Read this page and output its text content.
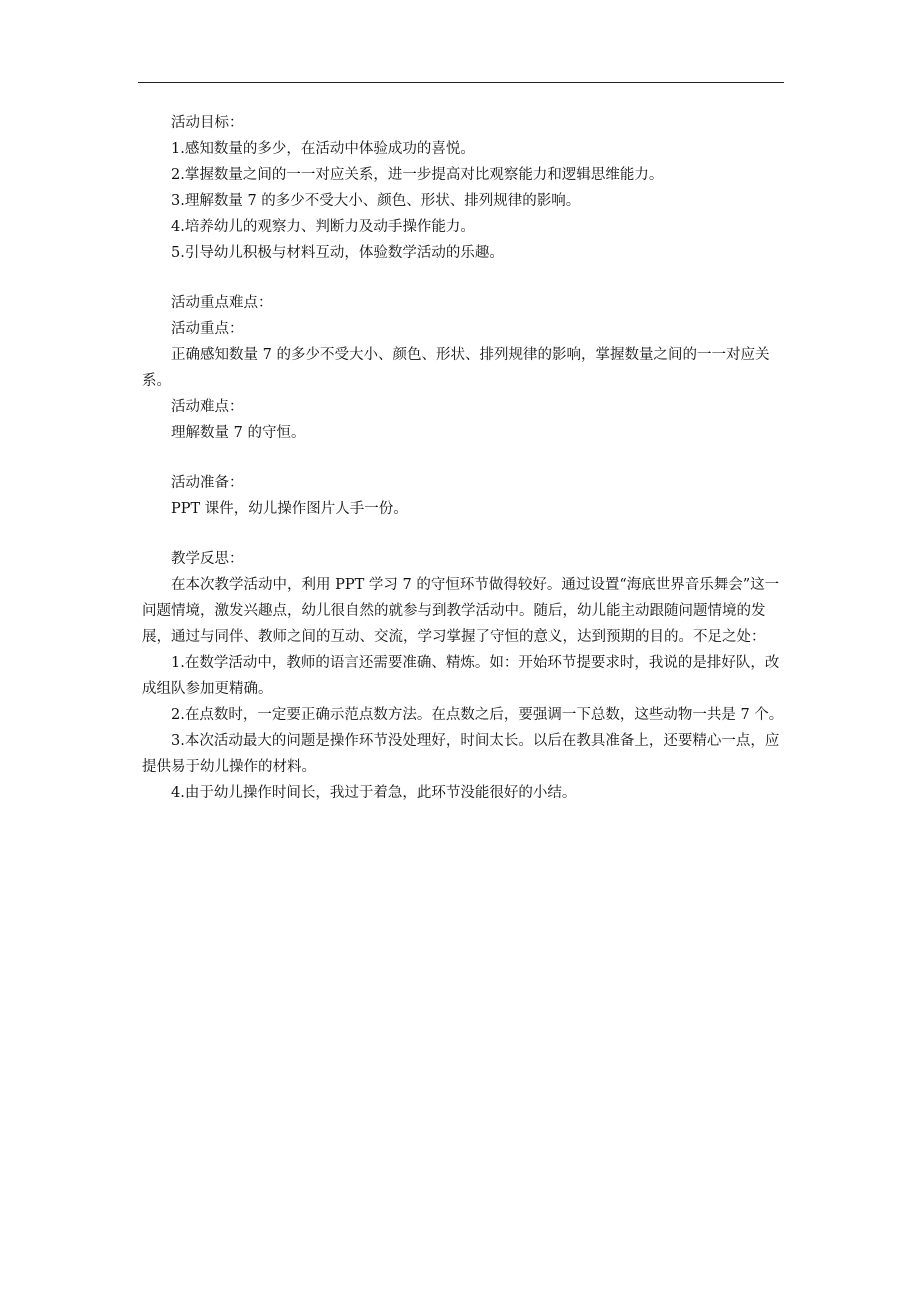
活动目标：

1.感知数量的多少，在活动中体验成功的喜悦。

2.掌握数量之间的一一对应关系，进一步提高对比观察能力和逻辑思维能力。

3.理解数量 7 的多少不受大小、颜色、形状、排列规律的影响。

4.培养幼儿的观察力、判断力及动手操作能力。

5.引导幼儿积极与材料互动，体验数学活动的乐趣。

活动重点难点：

活动重点：

正确感知数量 7 的多少不受大小、颜色、形状、排列规律的影响，掌握数量之间的一一对应关系。

活动难点：

理解数量 7 的守恒。

活动准备：

PPT 课件，幼儿操作图片人手一份。

教学反思：

在本次教学活动中，利用 PPT 学习 7 的守恒环节做得较好。通过设置“海底世界音乐舞会”这一问题情境，激发兴趣点，幼儿很自然的就参与到教学活动中。随后，幼儿能主动跟随问题情境的发展，通过与同伴、教师之间的互动、交流，学习掌握了守恒的意义，达到预期的目的。不足之处：

1.在数学活动中，教师的语言还需要准确、精炼。如：开始环节提要求时，我说的是排好队，改成组队参加更精确。

2.在点数时，一定要正确示范点数方法。在点数之后，要强调一下总数，这些动物一共是 7 个。

3.本次活动最大的问题是操作环节没处理好，时间太长。以后在教具准备上，还要精心一点，应提供易于幼儿操作的材料。

4.由于幼儿操作时间长，我过于着急，此环节没能很好的小结。
